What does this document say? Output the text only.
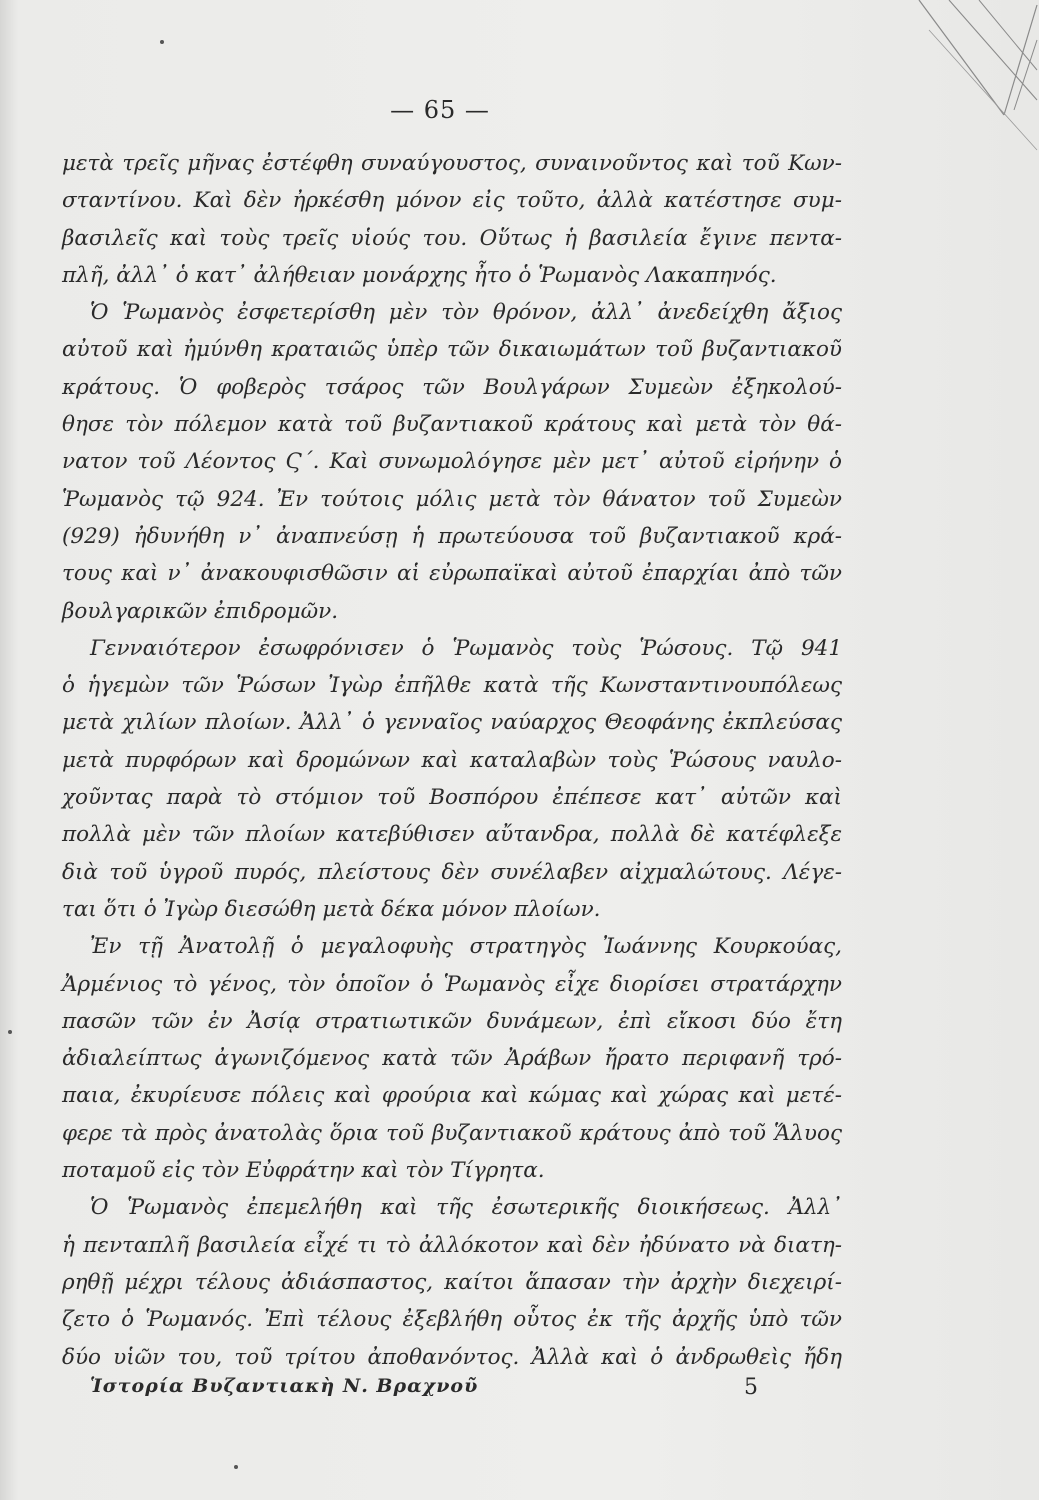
— 65 —
μετὰ τρεῖς μῆνας ἐστέφθη συναύγουστος, συναινοῦντος καὶ τοῦ Κων-
σταντίνου. Καὶ δὲν ἠρκέσθη μόνον εἰς τοῦτο, ἀλλὰ κατέστησε συμ-
βασιλεῖς καὶ τοὺς τρεῖς υἱούς του. Οὕτως ἡ βασιλεία ἔγινε πεντα-
πλῆ, ἀλλ᾿ ὁ κατ᾿ ἀλήθειαν μονάρχης ἦτο ὁ Ῥωμανὸς Λακαπηνός.
Ὁ Ῥωμανὸς ἐσφετερίσθη μὲν τὸν θρόνον, ἀλλ᾿ ἀνεδείχθη ἄξιος
αὐτοῦ καὶ ἠμύνθη κραταιῶς ὑπὲρ τῶν δικαιωμάτων τοῦ βυζαντιακοῦ
κράτους. Ὁ φοβερὸς τσάρος τῶν Βουλγάρων Συμεὼν ἐξηκολού-
θησε τὸν πόλεμον κατὰ τοῦ βυζαντιακοῦ κράτους καὶ μετὰ τὸν θά-
νατον τοῦ Λέοντος Ϛ΄. Καὶ συνωμολόγησε μὲν μετ᾿ αὐτοῦ εἰρήνην ὁ
Ῥωμανὸς τῷ 924. Ἐν τούτοις μόλις μετὰ τὸν θάνατον τοῦ Συμεὼν
(929) ἠδυνήθη ν᾿ ἀναπνεύσῃ ἡ πρωτεύουσα τοῦ βυζαντιακοῦ κρά-
τους καὶ ν᾿ ἀνακουφισθῶσιν αἱ εὐρωπαϊκαὶ αὐτοῦ ἐπαρχίαι ἀπὸ τῶν
βουλγαρικῶν ἐπιδρομῶν.
Γενναιότερον ἐσωφρόνισεν ὁ Ῥωμανὸς τοὺς Ῥώσους. Τῷ 941
ὁ ἡγεμὼν τῶν Ῥώσων Ἰγὼρ ἐπῆλθε κατὰ τῆς Κωνσταντινουπόλεως
μετὰ χιλίων πλοίων. Ἀλλ᾿ ὁ γενναῖος ναύαρχος Θεοφάνης ἐκπλεύσας
μετὰ πυρφόρων καὶ δρομώνων καὶ καταλαβὼν τοὺς Ῥώσους ναυλο-
χοῦντας παρὰ τὸ στόμιον τοῦ Βοσπόρου ἐπέπεσε κατ᾿ αὐτῶν καὶ
πολλὰ μὲν τῶν πλοίων κατεβύθισεν αὔτανδρα, πολλὰ δὲ κατέφλεξε
διὰ τοῦ ὑγροῦ πυρός, πλείστους δὲν συνέλαβεν αἰχμαλώτους. Λέγε-
ται ὅτι ὁ Ἰγὼρ διεσώθη μετὰ δέκα μόνον πλοίων.
Ἐν τῇ Ἀνατολῇ ὁ μεγαλοφυὴς στρατηγὸς Ἰωάννης Κουρκούας,
Ἀρμένιος τὸ γένος, τὸν ὁποῖον ὁ Ῥωμανὸς εἶχε διορίσει στρατάρχην
πασῶν τῶν ἐν Ἀσίᾳ στρατιωτικῶν δυνάμεων, ἐπὶ εἴκοσι δύο ἔτη
ἀδιαλείπτως ἀγωνιζόμενος κατὰ τῶν Ἀράβων ἤρατο περιφανῆ τρό-
παια, ἐκυρίευσε πόλεις καὶ φρούρια καὶ κώμας καὶ χώρας καὶ μετέ-
φερε τὰ πρὸς ἀνατολὰς ὅρια τοῦ βυζαντιακοῦ κράτους ἀπὸ τοῦ Ἅλυος
ποταμοῦ εἰς τὸν Εὐφράτην καὶ τὸν Τίγρητα.
Ὁ Ῥωμανὸς ἐπεμελήθη καὶ τῆς ἐσωτερικῆς διοικήσεως. Ἀλλ᾿
ἡ πενταπλῆ βασιλεία εἶχέ τι τὸ ἀλλόκοτον καὶ δὲν ἠδύνατο νὰ διατη-
ρηθῇ μέχρι τέλους ἀδιάσπαστος, καίτοι ἅπασαν τὴν ἀρχὴν διεχειρί-
ζετο ὁ Ῥωμανός. Ἐπὶ τέλους ἐξεβλήθη οὗτος ἐκ τῆς ἀρχῆς ὑπὸ τῶν
δύο υἱῶν του, τοῦ τρίτου ἀποθανόντος. Ἀλλὰ καὶ ὁ ἀνδρωθεὶς ἤδη
Ἱστορία Βυζαντιακὴ Ν. Βραχνοῦ	5
